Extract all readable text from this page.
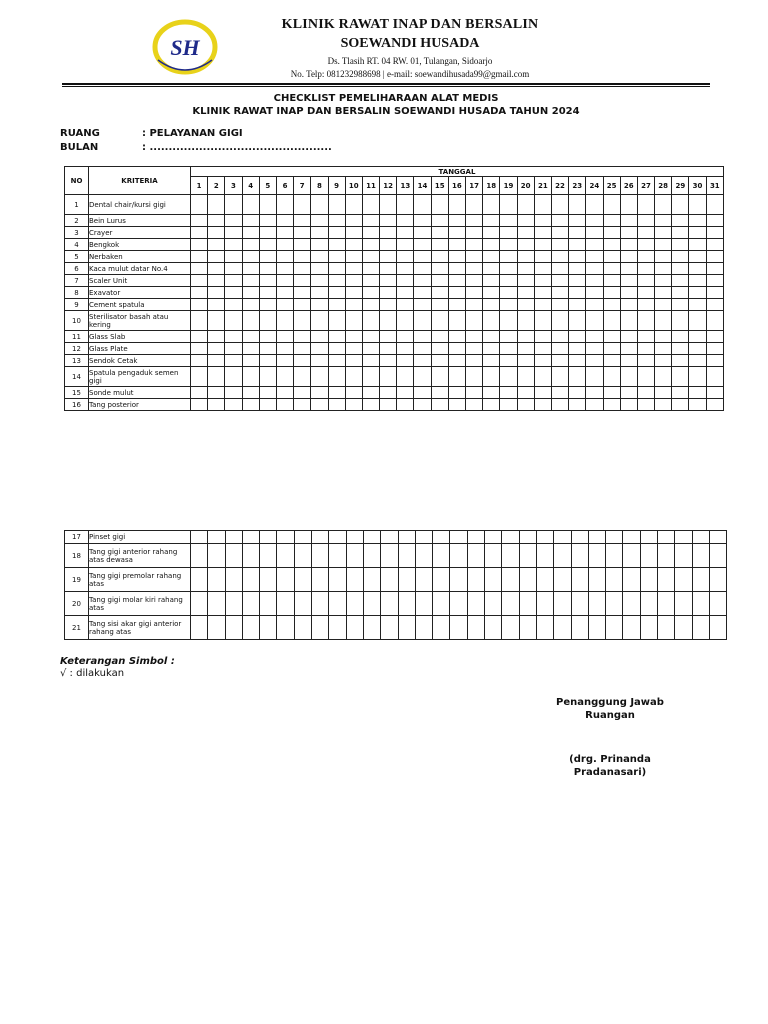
SH
KLINIK RAWAT INAP DAN BERSALIN
SOEWANDI HUSADA
Ds. Tlasih RT. 04 RW. 01, Tulangan, Sidoarjo
No. Telp: 081232988698 | e-mail: soewandihusada99@gmail.com
CHECKLIST PEMELIHARAAN ALAT MEDIS
KLINIK RAWAT INAP DAN BERSALIN SOEWANDI HUSADA TAHUN 2024
RUANG	: PELAYANAN GIGI
BULAN	: ................................................
NO	KRITERIA	TANGGAL																														
		1	2	3	4	5	6	7	8	9	10	11	12	13	14	15	16	17	18	19	20	21	22	23	24	25	26	27	28	29	30	31
1	Dental chair/kursi gigi																															
2	Bein Lurus																															
3	Crayer																															
4	Bengkok																															
5	Nerbaken																															
6	Kaca mulut datar No.4																															
7	Scaler Unit																															
8	Exavator																															
9	Cement spatula																															
10	Sterilisator basah atau kering																															
11	Glass Slab																															
12	Glass Plate																															
13	Sendok Cetak																															
14	Spatula pengaduk semen gigi																															
15	Sonde mulut																															
16	Tang posterior																															
17	Pinset gigi																															
18	Tang gigi anterior rahang atas dewasa																															
19	Tang gigi premolar rahang atas																															
20	Tang gigi molar kiri rahang atas																															
21	Tang sisi akar gigi anterior rahang atas																															
Keterangan Simbol :
√ : dilakukan
Penanggung Jawab
Ruangan
(drg. Prinanda
Pradanasari)
